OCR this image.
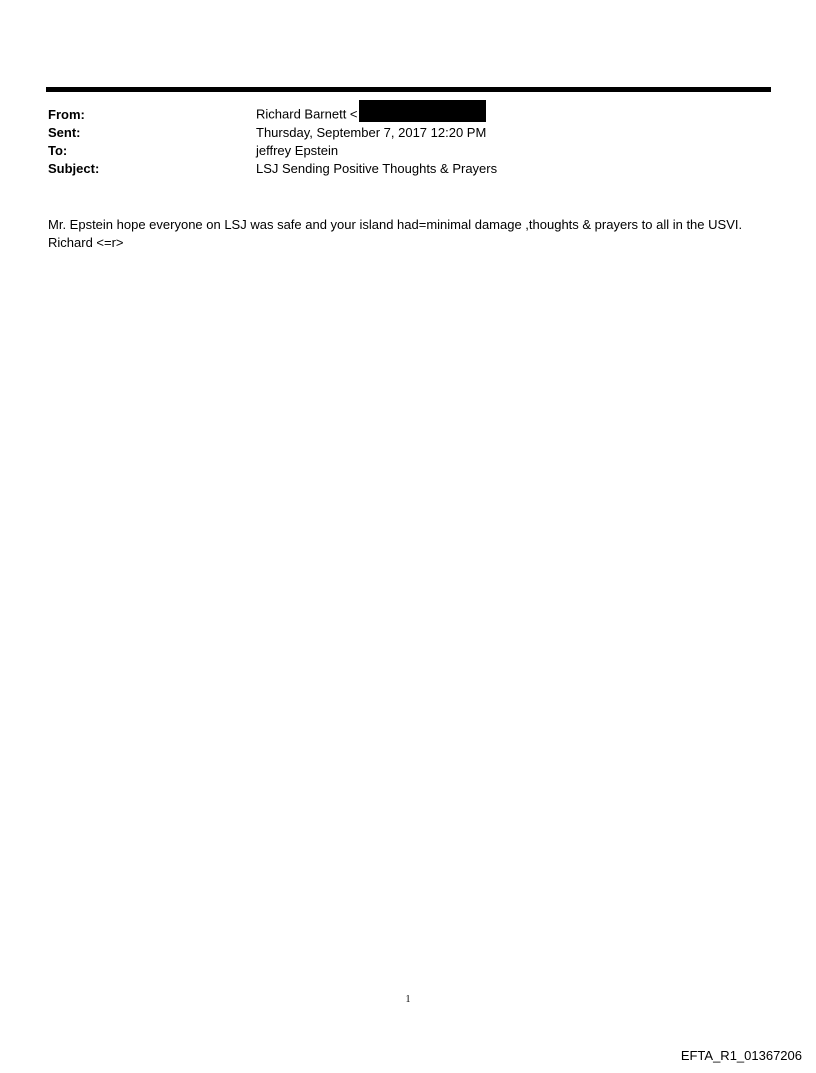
From:	Richard Barnett <
Sent:	Thursday, September 7, 2017 12:20 PM
To:	jeffrey Epstein
Subject:	LSJ Sending Positive Thoughts & Prayers
Mr. Epstein hope everyone on LSJ was safe and your island had=minimal damage ,thoughts & prayers to all in the USVI.
Richard <=r>
1
EFTA_R1_01367206
